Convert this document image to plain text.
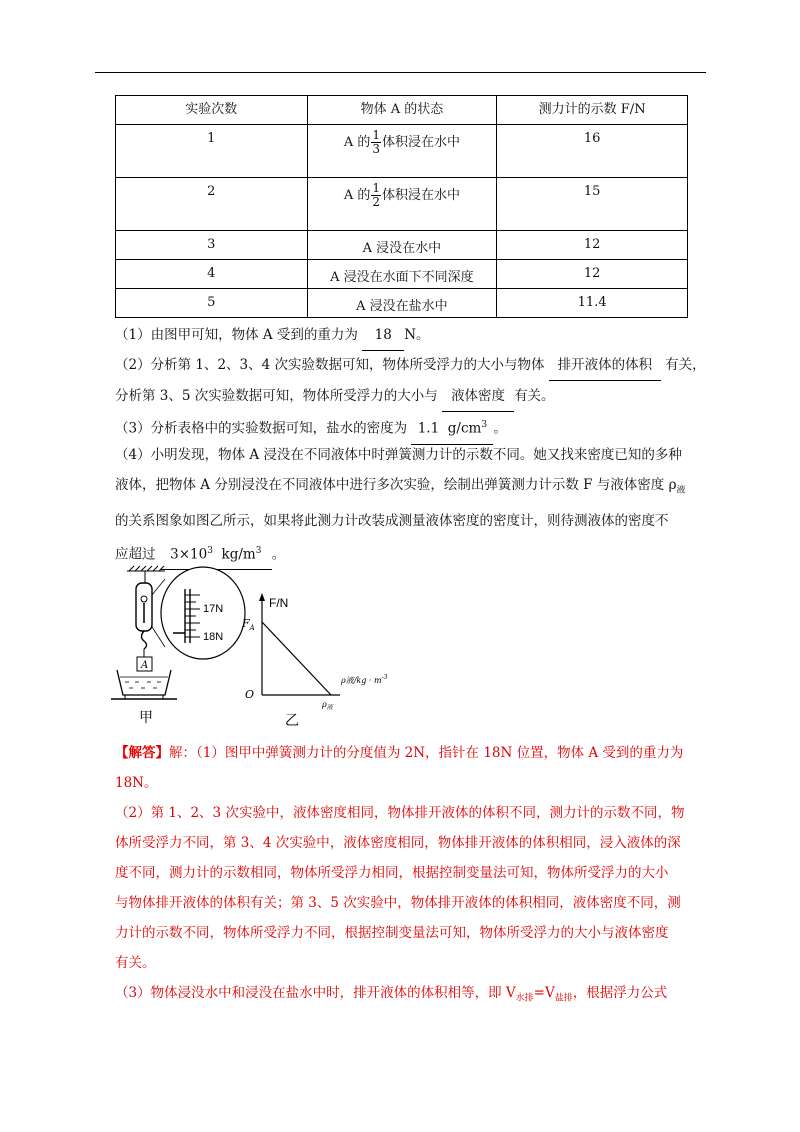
实验次数	物体 A 的状态	测力计的示数 F/N

1	A 的 $\frac{1}{3}$ 体积浸在水中	16

2	A 的 $\frac{1}{2}$ 体积浸在水中	15

3	A 浸没在水中	12

4	A 浸没在水面下不同深度	12

5	A 浸没在盐水中	11.4
（1）由图甲可知，物体 A 受到的重力为 18 N。
（2）分析第 1、2、3、4 次实验数据可知，物体所受浮力的大小与物体 排开液体的体积 有关，分析第 3、5 次实验数据可知，物体所受浮力的大小与 液体密度 有关。
（3）分析表格中的实验数据可知，盐水的密度为 1.1 $g/cm^3$ 。
（4）小明发现，物体 A 浸没在不同液体中时弹簧测力计的示数不同。她又找来密度已知的多种
液体，把物体 A 分别浸没在不同液体中进行多次实验，绘制出弹簧测力计示数 F 与液体密度 $\rho_液$
的关系图象如图乙所示，如果将此测力计改装成测量液体密度的密度计，则待测液体的密度不
应超过 $3\times 10^3$ $kg/m^3$ 。
17N
18N
A
甲
F/N
$F_A$
O
ρ液$/kg \cdot m^{-3}$
$\rho_液$
乙
【解答】解：（1）图甲中弹簧测力计的分度值为 2N，指针在 18N 位置，物体 A 受到的重力为
18N。
（2）第 1、2、3 次实验中，液体密度相同，物体排开液体的体积不同，测力计的示数不同，物
体所受浮力不同，第 3、4 次实验中，液体密度相同，物体排开液体的体积相同，浸入液体的深
度不同，测力计的示数相同，物体所受浮力相同，根据控制变量法可知，物体所受浮力的大小
与物体排开液体的体积有关；第 3、5 次实验中，物体排开液体的体积相同，液体密度不同，测
力计的示数不同，物体所受浮力不同，根据控制变量法可知，物体所受浮力的大小与液体密度
有关。
（3）物体浸没水中和浸没在盐水中时，排开液体的体积相等，即 $V_{水排}=V_{盐排}$，根据浮力公式
